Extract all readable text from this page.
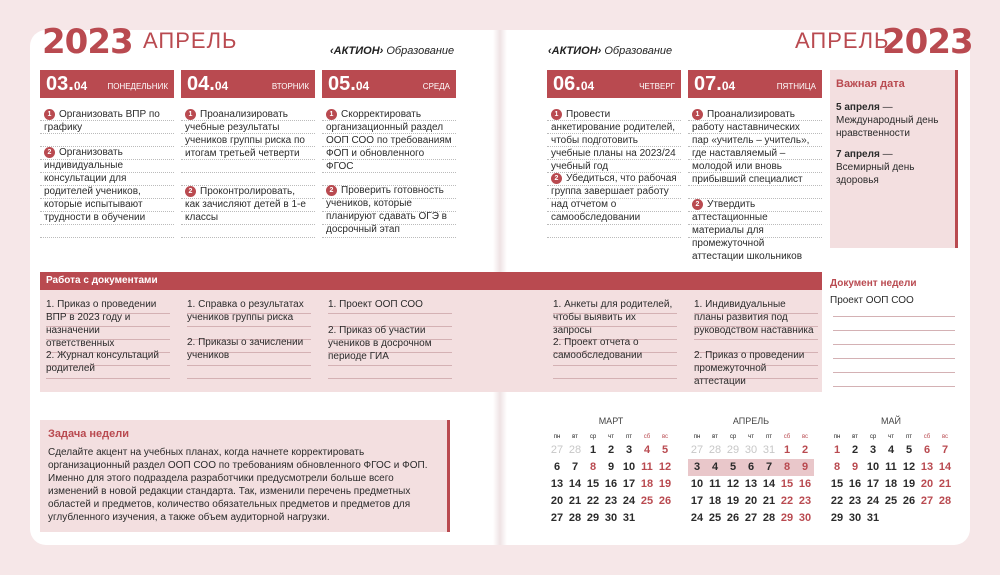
2023 АПРЕЛЬ	‹АКТИОН› Образование	‹АКТИОН› Образование	АПРЕЛЬ
2023
03.04	ПОНЕДЕЛЬНИК
1 Организовать ВПР по графику
2 Организовать индивидуальные консультации для родителей учеников, которые испытывают трудности в обучении
04.04	ВТОРНИК
1 Проанализировать учебные результаты учеников группы риска по итогам третьей четверти
2 Проконтролировать, как зачисляют детей в 1-е классы
05.04	СРЕДА
1 Скорректировать организационный раздел ООП СОО по требованиям ФОП и обновленного ФГОС
2 Проверить готовность учеников, которые планируют сдавать ОГЭ в досрочный этап
06.04	ЧЕТВЕРГ
1 Провести анкетирование родителей, чтобы подготовить учебные планы на 2023/24 учебный год
2 Убедиться, что рабочая группа завершает работу над отчетом о самообследовании
07.04	ПЯТНИЦА
1 Проанализировать работу наставнических пар «учитель – учитель», где наставляемый – молодой или вновь прибывший специалист
2 Утвердить аттестационные материалы для промежуточной аттестации школьников
Важная дата
5 апреля —
Международный день нравственности
7 апреля —
Всемирный день здоровья
Работа с документами
1. Приказ о проведении ВПР в 2023 году и назначении ответственных
2. Журнал консультаций родителей
1. Справка о результатах учеников группы риска
2. Приказы о зачислении учеников
1. Проект ООП СОО
2. Приказ об участии учеников в досрочном периоде ГИА
1. Анкеты для родителей, чтобы выявить их запросы
2. Проект отчета о самообследовании
1. Индивидуальные планы развития под руководством наставника
2. Приказ о проведении промежуточной аттестации
Документ недели
Проект ООП СОО
Задача недели
Сделайте акцент на учебных планах, когда начнете корректировать организационный раздел ООП СОО по требованиям обновленного ФГОС и ФОП. Именно для этого подраздела разработчики предусмотрели больше всего изменений в новой редакции стандарта. Так, изменили перечень предметных областей и предметов, количество обязательных предметов и предметов для углубленного изучения, а также объем аудиторной нагрузки.
МАРТ
пн	вт	ср	чт	пт	сб	вс
27 28 1	2	3	4	5
6	7	8	9 10 11 12
13 14 15 16 17 18 19
20 21 22 23 24 25 26
27 28 29 30 31
АПРЕЛЬ
пн	вт	ср	чт	пт	сб	вс
27 28 29 30 31 1	2
3	4	5	6	7	8	9
10 11 12 13 14 15 16
17 18 19 20 21 22 23
24 25 26 27 28 29 30
МАЙ
пн	вт	ср	чт	пт	сб	вс
1	2	3	4	5	6	7
8	9 10 11 12 13 14
15 16 17 18 19 20 21
22 23 24 25 26 27 28
29 30 31
